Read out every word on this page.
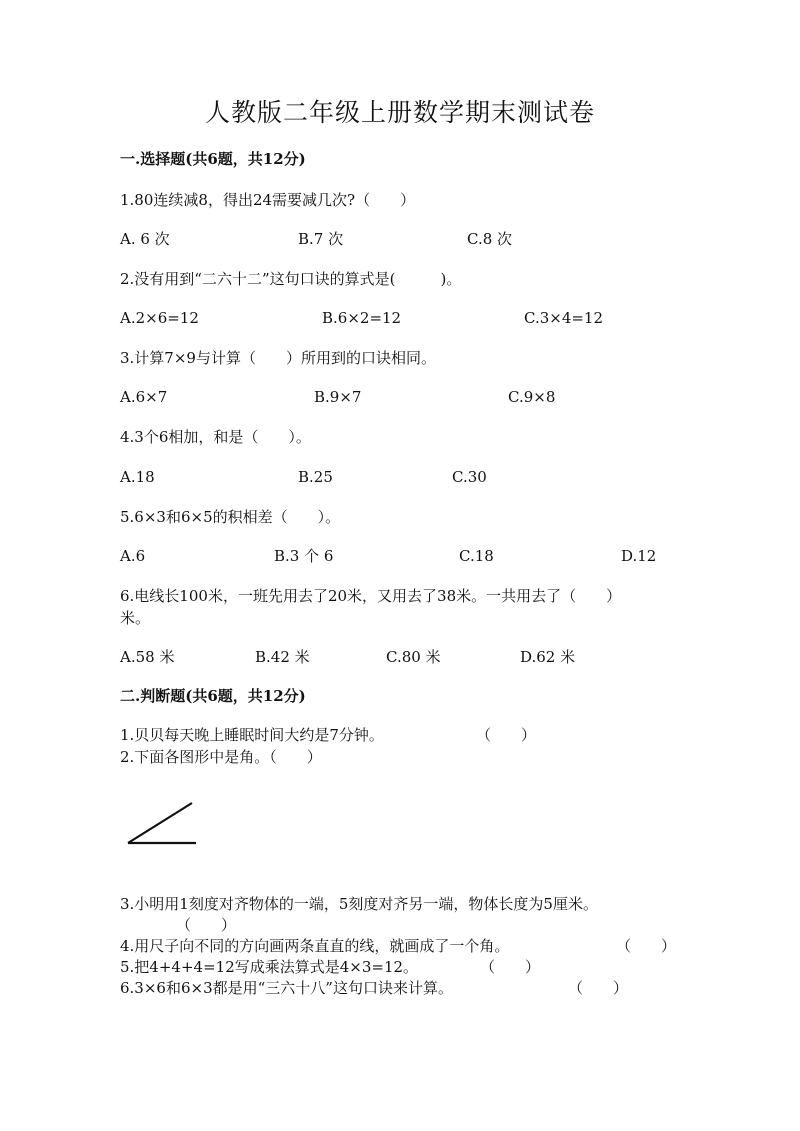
人教版二年级上册数学期末测试卷
一.选择题(共6题，共12分)
1.80连续减8，得出24需要减几次?（　　）
A. 6 次	B.7 次	C.8 次
2.没有用到“二六十二”这句口诀的算式是(　　　)。
A.2×6=12	B.6×2=12	C.3×4=12
3.计算7×9与计算（　　）所用到的口诀相同。
A.6×7	B.9×7	C.9×8
4.3个6相加，和是（　　）。
A.18	B.25	C.30
5.6×3和6×5的积相差（　　）。
A.6	B.3 个 6	C.18	D.12
6.电线长100米，一班先用去了20米，又用去了38米。一共用去了（　　）
米。
A.58 米	B.42 米	C.80 米	D.62 米
二.判断题(共6题，共12分)
1.贝贝每天晚上睡眠时间大约是7分钟。	（　　）
2.下面各图形中是角。（　　）
3.小明用1刻度对齐物体的一端，5刻度对齐另一端，物体长度为5厘米。
（　　）
4.用尺子向不同的方向画两条直直的线，就画成了一个角。	（　　）
5.把4+4+4=12写成乘法算式是4×3=12。	（　　）
6.3×6和6×3都是用“三六十八”这句口诀来计算。	（　　）
